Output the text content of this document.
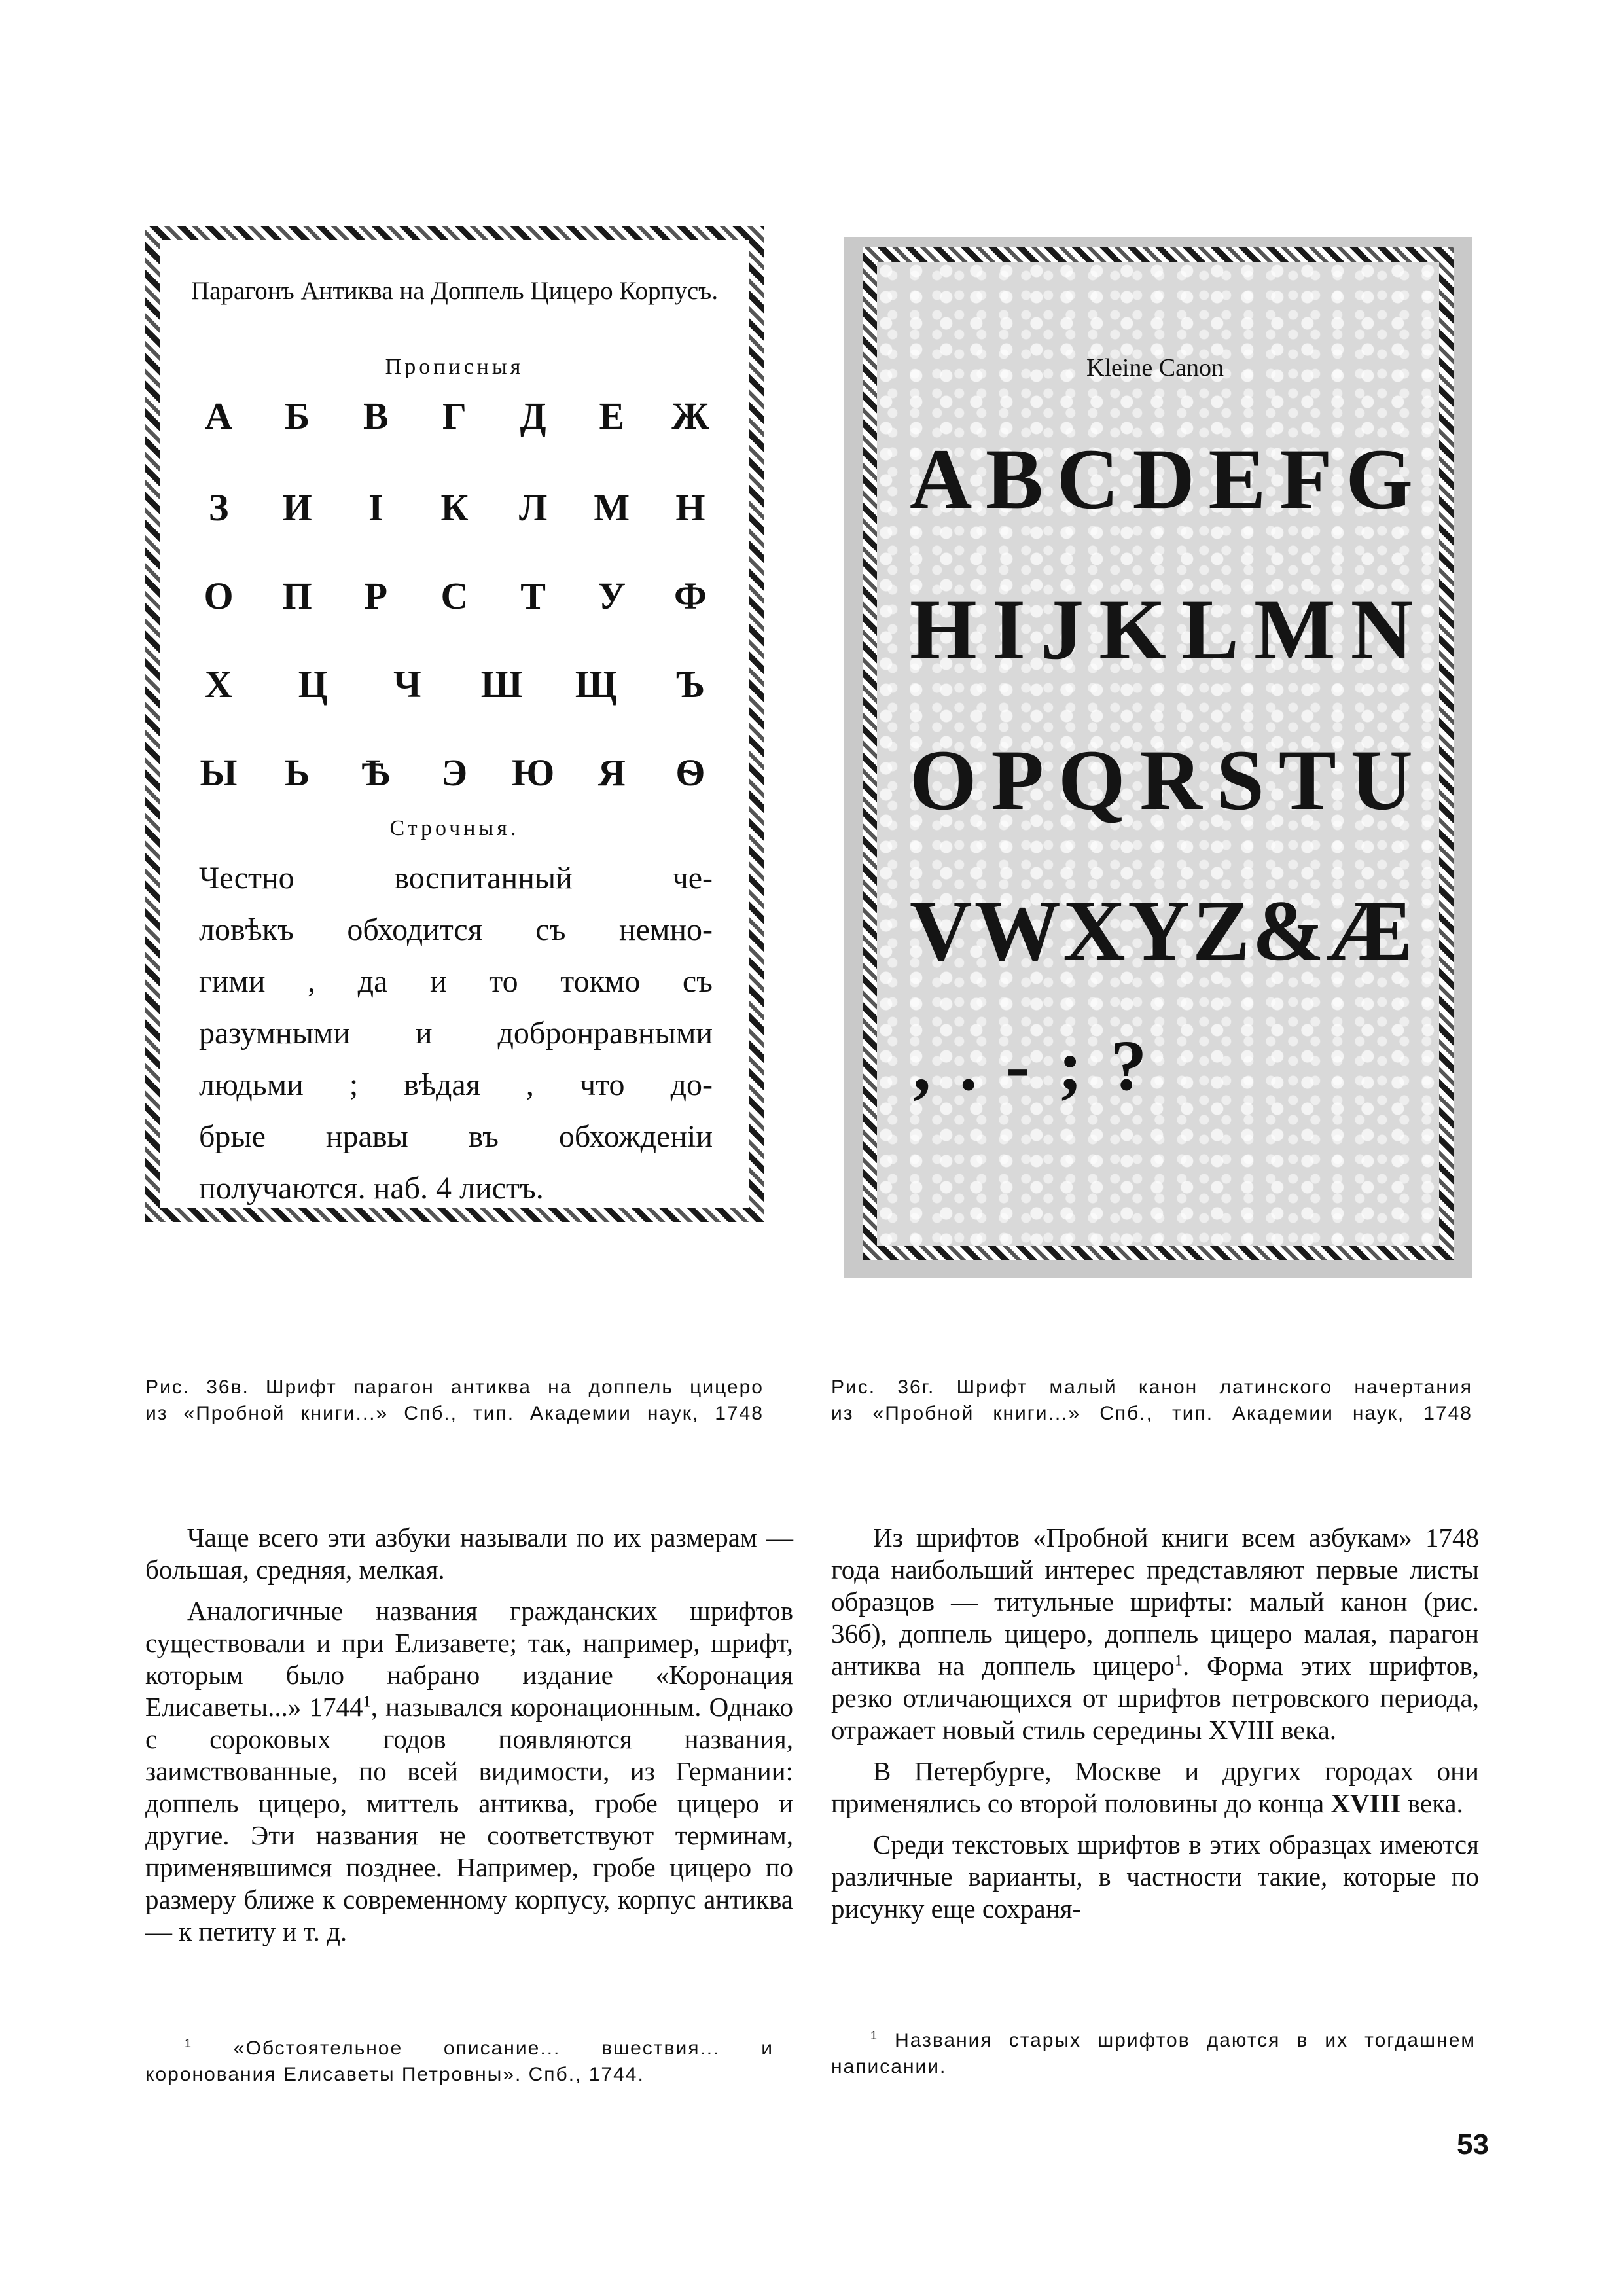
Парагонъ Антиква на Доппель Цицеро Корпусъ.
Прописныя
А	Б	В	Г	Д	Е	Ж
З	И	І	К	Л	М	Н
О	П	Р	С	Т	У	Ф
Х	Ц	Ч	Ш	Щ	Ъ
Ы	Ь	Ѣ	Э	Ю	Я	Ѳ
Строчныя.

Честно воспитанный че-

ловѣкъ обходится съ немно-

гими , да и то токмо съ

разумными и добронравными

людьми ; вѣдая , что до-

брые нравы въ обхожденіи

получаются. наб. 4 листъ.

Kleine Canon
A B C D E F G
H I J K L M N
O P Q R S T U
V W X Y Z & Æ
, . - ; ?
Рис. 36в. Шрифт парагон антиква на доппель цицеро
из «Пробной книги...» Спб., тип. Академии наук, 1748
Рис. 36г. Шрифт малый канон латинского начертания
из «Пробной книги...» Спб., тип. Академии наук, 1748

Чаще всего эти азбуки называли по их размерам — большая, средняя, мелкая.

Аналогичные названия гражданских шрифтов существовали и при Елизавете; так, например, шрифт, которым было набрано издание «Коронация Елисаветы...» 1744$^1$, назывался коронационным. Однако с сороковых годов появляются названия, заимствованные, по всей видимости, из Германии: доппель цицеро, миттель антиква, гробе цицеро и другие. Эти названия не соответствуют терминам, применявшимся позднее. Например, гробе цицеро по размеру ближе к современному корпусу, корпус антиква — к петиту и т. д.

Из шрифтов «Пробной книги всем азбукам» 1748 года наибольший интерес представляют первые листы образцов — титульные шрифты: малый канон (рис. 36б), доппель цицеро, доппель цицеро малая, парагон антиква на доппель цицеро$^1$. Форма этих шрифтов, резко отличающихся от шрифтов петровского периода, отражает новый стиль середины XVIII века.

В Петербурге, Москве и других городах они применялись со второй половины до конца XVIII века.

Среди текстовых шрифтов в этих образцах имеются различные варианты, в частности такие, которые по рисунку еще сохраня-

$^1$ «Обстоятельное описание... вшествия... и коронования Елисаветы Петровны». Спб., 1744.

$^1$ Названия старых шрифтов даются в их тогдашнем написании.

53
